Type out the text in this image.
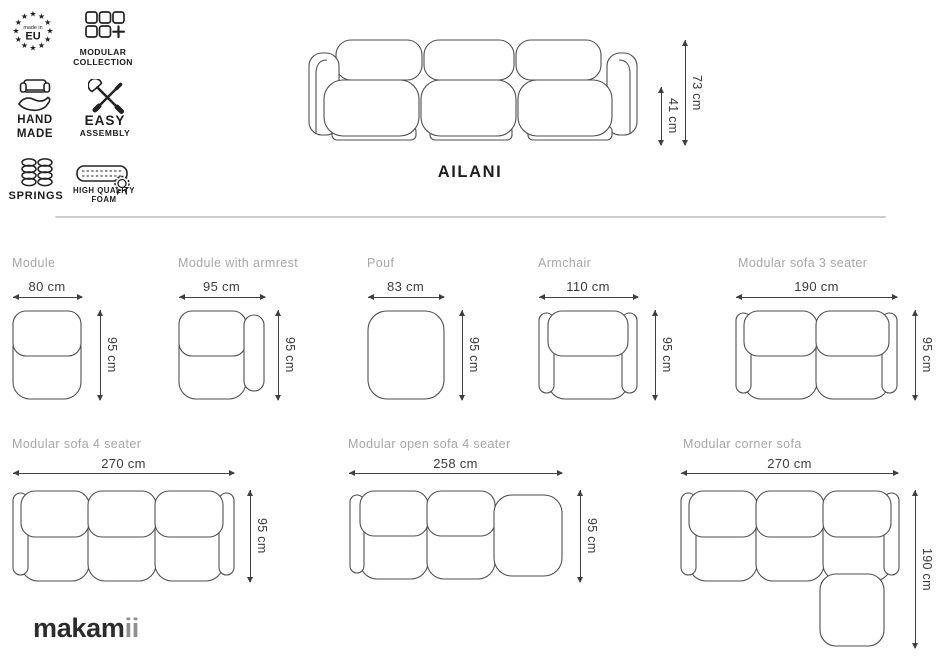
★ ★
★
★
★
★
★
★
★
★
★
★
made in
EU
MODULAR
COLLECTION
HAND
MADE
EASY
ASSEMBLY
SPRINGS	HIGH QUALITY
FOAM
41 cm
73 cm
AILANI
Module
80 cm
95 cm
Module with armrest
95 cm
95 cm
Pouf
83 cm
95 cm
Armchair
110 cm
95 cm
Modular sofa 3 seater
190 cm
95 cm
Modular sofa 4 seater
270 cm
95 cm
Modular open sofa 4 seater
258 cm
95 cm
Modular corner sofa
270 cm
190 cm
makamii
